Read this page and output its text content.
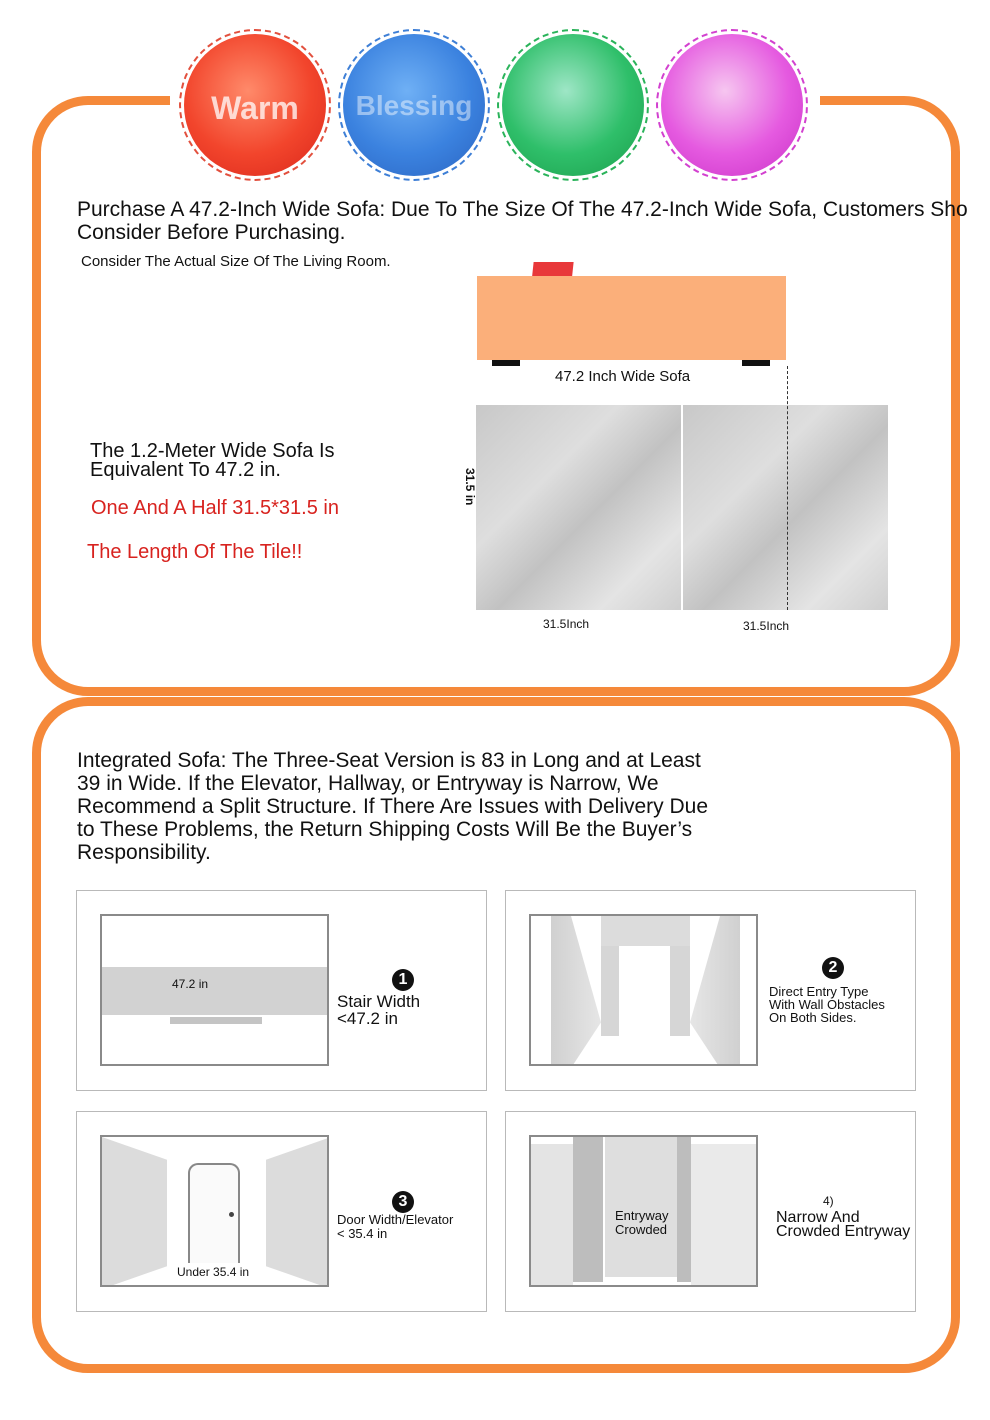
Warm	Blessing
Purchase A 47.2-Inch Wide Sofa: Due To The Size Of The 47.2-Inch Wide Sofa, Customers Sho
Consider Before Purchasing.
Consider The Actual Size Of The Living Room.
The 1.2-Meter Wide Sofa Is
Equivalent To 47.2 in.
One And A Half 31.5*31.5 in
The Length Of The Tile!!
47.2 Inch Wide Sofa
31.5 in
31.5Inch	31.5Inch
Integrated Sofa: The Three-Seat Version is 83 in Long and at Least
39 in Wide. If the Elevator, Hallway, or Entryway is Narrow, We
Recommend a Split Structure. If There Are Issues with Delivery Due
to These Problems, the Return Shipping Costs Will Be the Buyer’s
Responsibility.
47.2 in	1
Stair Width
<47.2 in
2
Direct Entry Type
With Wall Obstacles
On Both Sides.
Under 35.4 in
3
Door Width/Elevator
< 35.4 in
Entryway
Crowded
4)
Narrow And
Crowded Entryway
